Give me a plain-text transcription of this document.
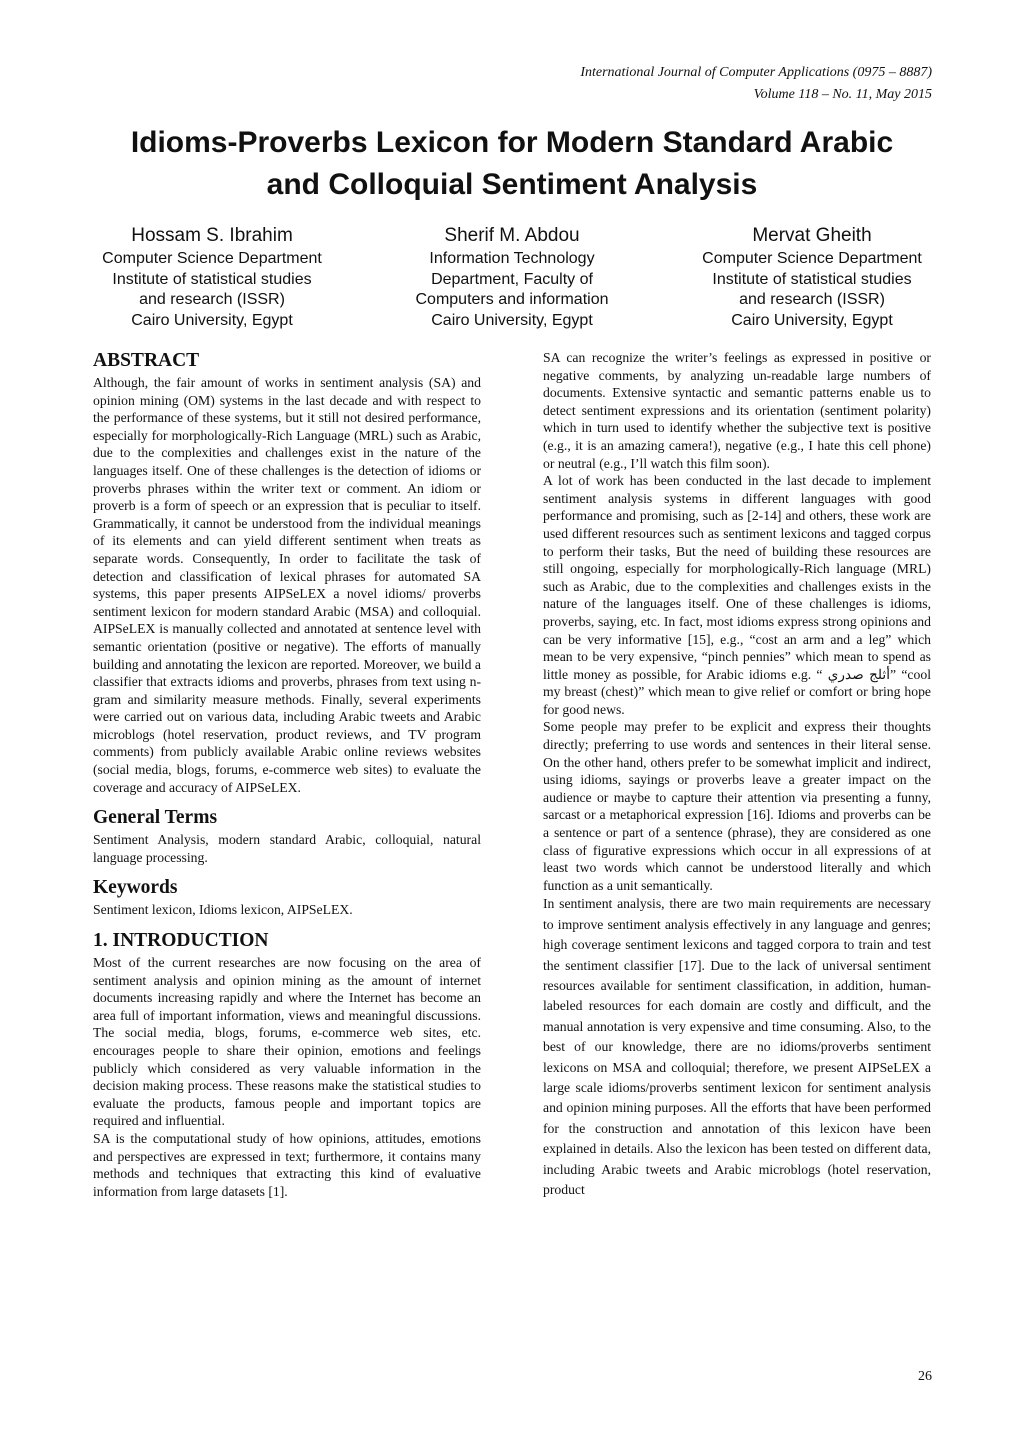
International Journal of Computer Applications (0975 – 8887)
Volume 118 – No. 11, May 2015
Idioms-Proverbs Lexicon for Modern Standard Arabic
and Colloquial Sentiment Analysis
Hossam S. Ibrahim
Computer Science Department
Institute of statistical studies
and research (ISSR)
Cairo University, Egypt
Sherif M. Abdou
Information Technology
Department, Faculty of
Computers and information
Cairo University, Egypt
Mervat Gheith
Computer Science Department
Institute of statistical studies
and research (ISSR)
Cairo University, Egypt
ABSTRACT

Although, the fair amount of works in sentiment analysis (SA) and opinion mining (OM) systems in the last decade and with respect to the performance of these systems, but it still not desired performance, especially for morphologically-Rich Language (MRL) such as Arabic, due to the complexities and challenges exist in the nature of the languages itself. One of these challenges is the detection of idioms or proverbs phrases within the writer text or comment. An idiom or proverb is a form of speech or an expression that is peculiar to itself. Grammatically, it cannot be understood from the individual meanings of its elements and can yield different sentiment when treats as separate words. Consequently, In order to facilitate the task of detection and classification of lexical phrases for automated SA systems, this paper presents AIPSeLEX a novel idioms/ proverbs sentiment lexicon for modern standard Arabic (MSA) and colloquial. AIPSeLEX is manually collected and annotated at sentence level with semantic orientation (positive or negative). The efforts of manually building and annotating the lexicon are reported. Moreover, we build a classifier that extracts idioms and proverbs, phrases from text using n-gram and similarity measure methods. Finally, several experiments were carried out on various data, including Arabic tweets and Arabic microblogs (hotel reservation, product reviews, and TV program comments) from publicly available Arabic online reviews websites (social media, blogs, forums, e-commerce web sites) to evaluate the coverage and accuracy of AIPSeLEX.

General Terms

Sentiment Analysis, modern standard Arabic, colloquial, natural language processing.

Keywords

Sentiment lexicon, Idioms lexicon, AIPSeLEX.

1. INTRODUCTION

Most of the current researches are now focusing on the area of sentiment analysis and opinion mining as the amount of internet documents increasing rapidly and where the Internet has become an area full of important information, views and meaningful discussions. The social media, blogs, forums, e-commerce web sites, etc. encourages people to share their opinion, emotions and feelings publicly which considered as very valuable information in the decision making process. These reasons make the statistical studies to evaluate the products, famous people and important topics are required and influential.

SA is the computational study of how opinions, attitudes, emotions and perspectives are expressed in text; furthermore, it contains many methods and techniques that extracting this kind of evaluative information from large datasets [1].

SA can recognize the writer’s feelings as expressed in positive or negative comments, by analyzing un-readable large numbers of documents. Extensive syntactic and semantic patterns enable us to detect sentiment expressions and its orientation (sentiment polarity) which in turn used to identify whether the subjective text is positive (e.g., it is an amazing camera!), negative (e.g., I hate this cell phone) or neutral (e.g., I’ll watch this film soon).

A lot of work has been conducted in the last decade to implement sentiment analysis systems in different languages with good performance and promising, such as [2-14] and others, these work are used different resources such as sentiment lexicons and tagged corpus to perform their tasks, But the need of building these resources are still ongoing, especially for morphologically-Rich language (MRL) such as Arabic, due to the complexities and challenges exists in the nature of the languages itself. One of these challenges is idioms, proverbs, saying, etc. In fact, most idioms express strong opinions and can be very informative [15], e.g., “cost an arm and a leg” which mean to be very expensive, “pinch pennies” which mean to spend as little money as possible, for Arabic idioms e.g. “ أثلج صدري” “cool my breast (chest)” which mean to give relief or comfort or bring hope for good news.

Some people may prefer to be explicit and express their thoughts directly; preferring to use words and sentences in their literal sense. On the other hand, others prefer to be somewhat implicit and indirect, using idioms, sayings or proverbs leave a greater impact on the audience or maybe to capture their attention via presenting a funny, sarcast or a metaphorical expression [16]. Idioms and proverbs can be a sentence or part of a sentence (phrase), they are considered as one class of figurative expressions which occur in all expressions of at least two words which cannot be understood literally and which function as a unit semantically.

In sentiment analysis, there are two main requirements are necessary to improve sentiment analysis effectively in any language and genres; high coverage sentiment lexicons and tagged corpora to train and test the sentiment classifier [17]. Due to the lack of universal sentiment resources available for sentiment classification, in addition, human-labeled resources for each domain are costly and difficult, and the manual annotation is very expensive and time consuming. Also, to the best of our knowledge, there are no idioms/proverbs sentiment lexicons on MSA and colloquial; therefore, we present AIPSeLEX a large scale idioms/proverbs sentiment lexicon for sentiment analysis and opinion mining purposes. All the efforts that have been performed for the construction and annotation of this lexicon have been explained in details. Also the lexicon has been tested on different data, including Arabic tweets and Arabic microblogs (hotel reservation, product

26
